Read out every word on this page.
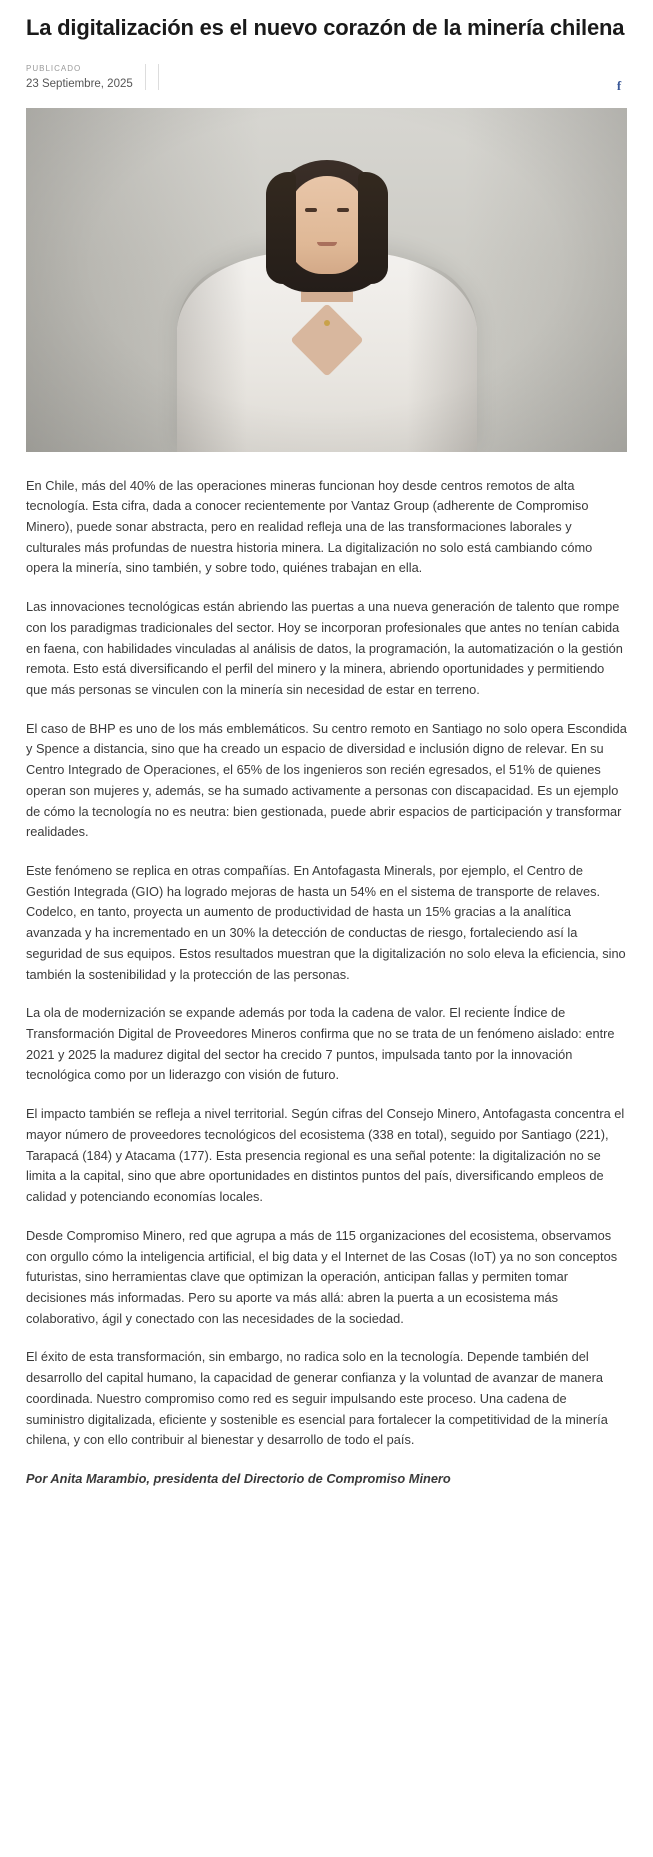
La digitalización es el nuevo corazón de la minería chilena
PUBLICADO
23 Septiembre, 2025	f

En Chile, más del 40% de las operaciones mineras funcionan hoy desde centros remotos de alta tecnología. Esta cifra, dada a conocer recientemente por Vantaz Group (adherente de Compromiso Minero), puede sonar abstracta, pero en realidad refleja una de las transformaciones laborales y culturales más profundas de nuestra historia minera. La digitalización no solo está cambiando cómo opera la minería, sino también, y sobre todo, quiénes trabajan en ella.

Las innovaciones tecnológicas están abriendo las puertas a una nueva generación de talento que rompe con los paradigmas tradicionales del sector. Hoy se incorporan profesionales que antes no tenían cabida en faena, con habilidades vinculadas al análisis de datos, la programación, la automatización o la gestión remota. Esto está diversificando el perfil del minero y la minera, abriendo oportunidades y permitiendo que más personas se vinculen con la minería sin necesidad de estar en terreno.

El caso de BHP es uno de los más emblemáticos. Su centro remoto en Santiago no solo opera Escondida y Spence a distancia, sino que ha creado un espacio de diversidad e inclusión digno de relevar. En su Centro Integrado de Operaciones, el 65% de los ingenieros son recién egresados, el 51% de quienes operan son mujeres y, además, se ha sumado activamente a personas con discapacidad. Es un ejemplo de cómo la tecnología no es neutra: bien gestionada, puede abrir espacios de participación y transformar realidades.

Este fenómeno se replica en otras compañías. En Antofagasta Minerals, por ejemplo, el Centro de Gestión Integrada (GIO) ha logrado mejoras de hasta un 54% en el sistema de transporte de relaves. Codelco, en tanto, proyecta un aumento de productividad de hasta un 15% gracias a la analítica avanzada y ha incrementado en un 30% la detección de conductas de riesgo, fortaleciendo así la seguridad de sus equipos. Estos resultados muestran que la digitalización no solo eleva la eficiencia, sino también la sostenibilidad y la protección de las personas.

La ola de modernización se expande además por toda la cadena de valor. El reciente Índice de Transformación Digital de Proveedores Mineros confirma que no se trata de un fenómeno aislado: entre 2021 y 2025 la madurez digital del sector ha crecido 7 puntos, impulsada tanto por la innovación tecnológica como por un liderazgo con visión de futuro.

El impacto también se refleja a nivel territorial. Según cifras del Consejo Minero, Antofagasta concentra el mayor número de proveedores tecnológicos del ecosistema (338 en total), seguido por Santiago (221), Tarapacá (184) y Atacama (177). Esta presencia regional es una señal potente: la digitalización no se limita a la capital, sino que abre oportunidades en distintos puntos del país, diversificando empleos de calidad y potenciando economías locales.

Desde Compromiso Minero, red que agrupa a más de 115 organizaciones del ecosistema, observamos con orgullo cómo la inteligencia artificial, el big data y el Internet de las Cosas (IoT) ya no son conceptos futuristas, sino herramientas clave que optimizan la operación, anticipan fallas y permiten tomar decisiones más informadas. Pero su aporte va más allá: abren la puerta a un ecosistema más colaborativo, ágil y conectado con las necesidades de la sociedad.

El éxito de esta transformación, sin embargo, no radica solo en la tecnología. Depende también del desarrollo del capital humano, la capacidad de generar confianza y la voluntad de avanzar de manera coordinada. Nuestro compromiso como red es seguir impulsando este proceso. Una cadena de suministro digitalizada, eficiente y sostenible es esencial para fortalecer la competitividad de la minería chilena, y con ello contribuir al bienestar y desarrollo de todo el país.

Por Anita Marambio, presidenta del Directorio de Compromiso Minero
